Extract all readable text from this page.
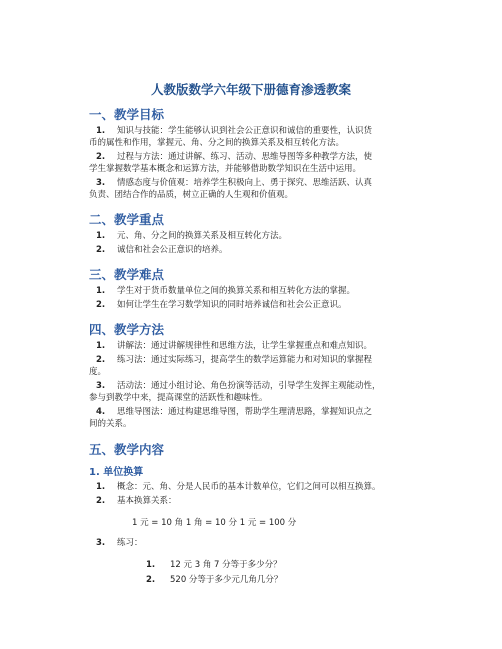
人教版数学六年级下册德育渗透教案
一、教学目标
1. 知识与技能：学生能够认识到社会公正意识和诚信的重要性，认识货
币的属性和作用，掌握元、角、分之间的换算关系及相互转化方法。
2. 过程与方法：通过讲解、练习、活动、思维导图等多种教学方法，使
学生掌握数学基本概念和运算方法，并能够借助数学知识在生活中运用。
3. 情感态度与价值观：培养学生积极向上、勇于探究、思维活跃、认真
负责、团结合作的品质，树立正确的人生观和价值观。
二、教学重点
1. 元、角、分之间的换算关系及相互转化方法。
2. 诚信和社会公正意识的培养。
三、教学难点
1. 学生对于货币数量单位之间的换算关系和相互转化方法的掌握。
2. 如何让学生在学习数学知识的同时培养诚信和社会公正意识。
四、教学方法
1. 讲解法：通过讲解规律性和思维方法，让学生掌握重点和难点知识。
2. 练习法：通过实际练习，提高学生的数学运算能力和对知识的掌握程
度。
3. 活动法：通过小组讨论、角色扮演等活动，引导学生发挥主观能动性，
参与到教学中来，提高课堂的活跃性和趣味性。
4. 思维导图法：通过构建思维导图，帮助学生理清思路，掌握知识点之
间的关系。
五、教学内容
1. 单位换算
1. 概念：元、角、分是人民币的基本计数单位，它们之间可以相互换算。
2. 基本换算关系：
1 元 = 10 角 1 角 = 10 分 1 元 = 100 分
3. 练习：
1. 12 元 3 角 7 分等于多少分？
2. 520 分等于多少元几角几分？
